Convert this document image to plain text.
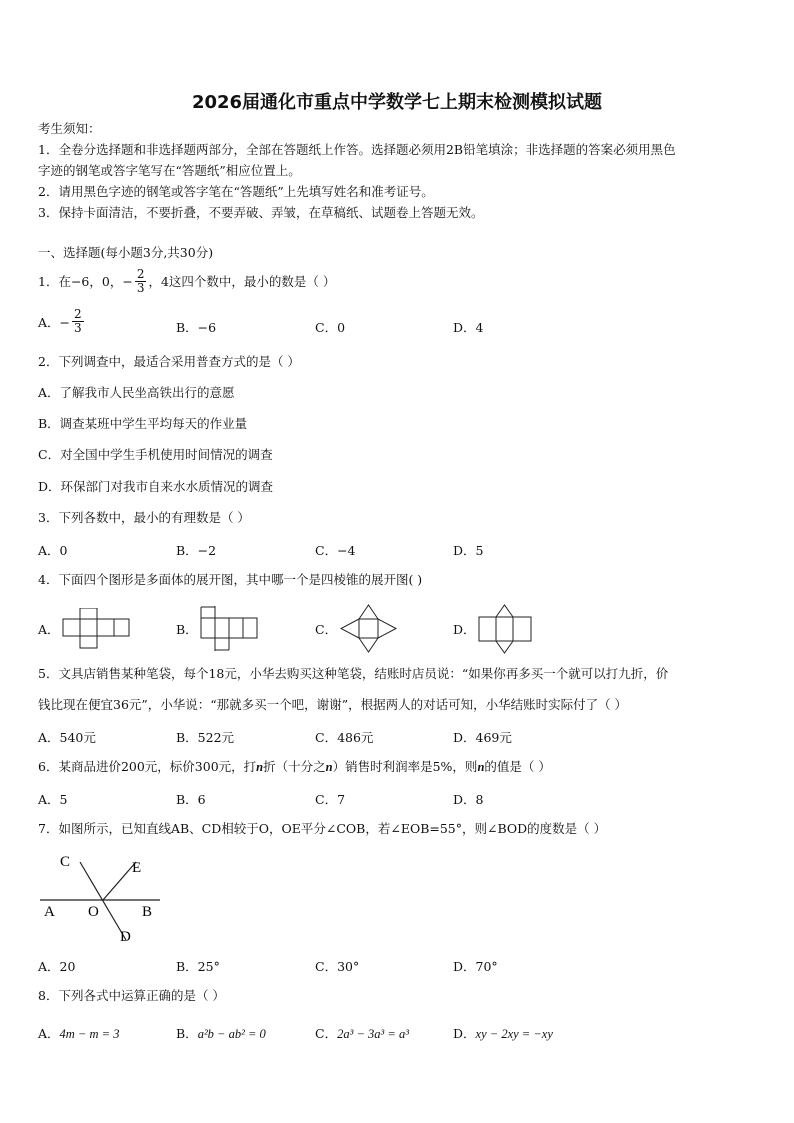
2026届通化市重点中学数学七上期末检测模拟试题
考生须知：
1．全卷分选择题和非选择题两部分，全部在答题纸上作答。选择题必须用2B铅笔填涂；非选择题的答案必须用黑色
字迹的钢笔或答字笔写在“答题纸”相应位置上。
2．请用黑色字迹的钢笔或答字笔在“答题纸”上先填写姓名和准考证号。
3．保持卡面清洁，不要折叠，不要弄破、弄皱，在草稿纸、试题卷上答题无效。
一、选择题(每小题3分,共30分)
1．在−6，0，− $\frac{2}{3}$ ，4这四个数中，最小的数是（ ）
A．− $\frac{2}{3}$	B．−6	C．0	D．4
2．下列调查中，最适合采用普查方式的是（ ）
A．了解我市人民坐高铁出行的意愿
B．调查某班中学生平均每天的作业量
C．对全国中学生手机使用时间情况的调查
D．环保部门对我市自来水水质情况的调查
3．下列各数中，最小的有理数是（ ）
A．0	B．−2	C．−4	D．5
4．下面四个图形是多面体的展开图，其中哪一个是四棱锥的展开图( )
A．	B．	C．	D．
5．文具店销售某种笔袋，每个18元，小华去购买这种笔袋，结账时店员说：“如果你再多买一个就可以打九折，价
钱比现在便宜36元”，小华说：“那就多买一个吧，谢谢”，根据两人的对话可知，小华结账时实际付了（ ）
A．540元	B．522元	C．486元	D．469元
6．某商品进价200元，标价300元，打n折（十分之n）销售时利润率是5%，则n的值是（ ）
A．5	B．6	C．7	D．8
7．如图所示，已知直线AB、CD相较于O，OE平分∠COB，若∠EOB=55°，则∠BOD的度数是（ ）
C	E
A O	B
D
A．20	B．25°	C．30°	D．70°
8．下列各式中运算正确的是（ ）
A．4m − m = 3	B．a²b − ab² = 0	C．2a³ − 3a³ = a³	D．xy − 2xy = −xy
